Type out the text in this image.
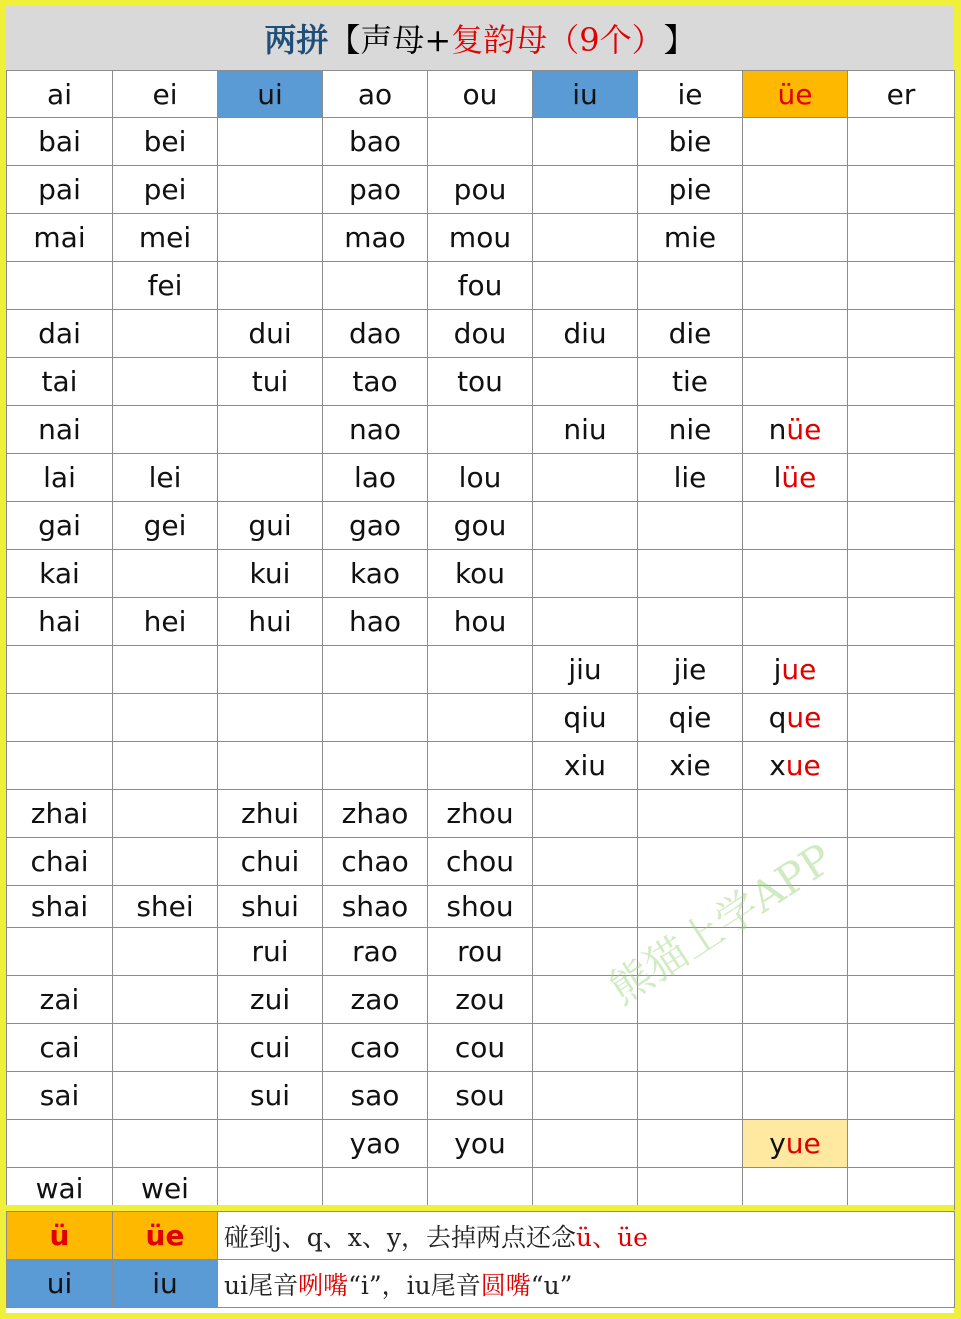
两拼 【声母+ 复韵母（9个） 】
ai	ei	ui	ao	ou	iu	ie	üe	er
bai	bei		bao			bie		
pai	pei		pao	pou		pie		
mai	mei		mao	mou		mie		
	fei			fou				
dai		dui	dao	dou	diu	die		
tai		tui	tao	tou		tie		
nai			nao		niu	nie	nüe	
lai	lei		lao	lou		lie	lüe	
gai	gei	gui	gao	gou				
kai		kui	kao	kou				
hai	hei	hui	hao	hou				
					jiu	jie	jue	
					qiu	qie	que	
					xiu	xie	xue	
zhai		zhui	zhao	zhou				
chai		chui	chao	chou				
shai	shei	shui	shao	shou				
		rui	rao	rou				
zai		zui	zao	zou				
cai		cui	cao	cou				
sai		sui	sao	sou				
			yao	you			yue	
wai	wei							
ü	üe	碰到j、q、x、y，去掉两点还念ü、üe
ui	iu	ui尾音咧嘴“i”，iu尾音圆嘴“u”
熊猫上学APP
